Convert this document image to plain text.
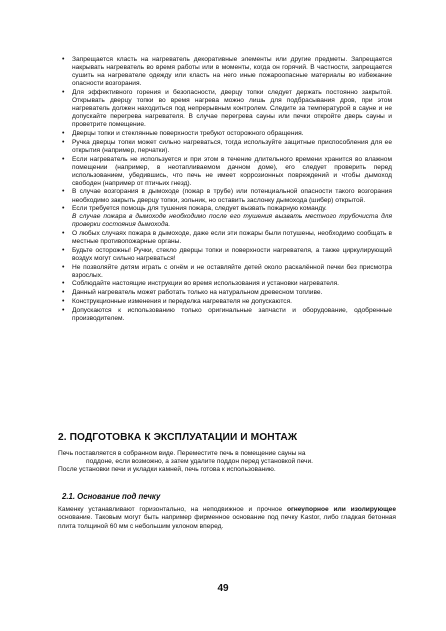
• Запрещается класть на нагреватель декоративные элементы или другие предметы. Запрещается накрывать нагреватель во время работы или в моменты, когда он горячий. В частности, запрещается сушить на нагревателе одежду или класть на него иные пожароопасные материалы во избежание опасности возгорания.
• Для эффективного горения и безопасности, дверцу топки следует держать постоянно закрытой. Открывать дверцу топки во время нагрева можно лишь для подбрасывания дров, при этом нагреватель должен находиться под непрерывным контролем. Следите за температурой в сауне и не допускайте перегрева нагревателя. В случае перегрева сауны или печки откройте дверь сауны и проветрите помещение.
• Дверцы топки и стеклянные поверхности требуют осторожного обращения.
• Ручка дверцы топки может сильно нагреваться, тогда используйте защитные приспособления для ее открытия (например, перчатки).
• Если нагреватель не используется и при этом в течение длительного времени хранится во влажном помещении (например, в неотапливаемом дачном доме), его следует проверить перед использованием, убедившись, что печь не имеет коррозионных повреждений и чтобы дымоход свободен (например от птичьих гнезд).
• В случае возгорания в дымоходе (пожар в трубе) или потенциальной опасности такого возгорания необходимо закрыть дверцу топки, зольник, но оставить заслонку дымохода (шибер) открытой.
• Если требуется помощь для тушения пожара, следует вызвать пожарную команду.
В случае пожара в дымоходе необходимо после его тушения вызвать местного трубочиста для проверки состояния дымохода.
• О любых случаях пожара в дымоходе, даже если эти пожары были потушены, необходимо сообщать в местные противопожарные органы.
• Будьте осторожны! Ручки, стекло дверцы топки и поверхности нагревателя, а также циркулирующий воздух могут сильно нагреваться!
• Не позволяйте детям играть с огнём и не оставляйте детей около раскалённой печки без присмотра взрослых.
• Соблюдайте настоящие инструкции во время использования и установки нагревателя.
• Данный нагреватель может работать только на натуральном древесном топливе.
• Конструкционные изменения и переделка нагревателя не допускаются.
• Допускаются к использованию только оригинальные запчасти и оборудование, одобренные производителем.
2. ПОДГОТОВКА К ЭКСПЛУАТАЦИИ И МОНТАЖ

Печь поставляется в собранном виде. Переместите печь в помещение сауны на

поддоне, если возможно, а затем удалите поддон перед установкой печи.

После установки печи и укладки камней, печь готова к использованию.

2.1. Основание под печку
Каменку устанавливают горизонтально, на неподвижное и прочное огнеупорное или изолирующее основание. Таковым могут быть например фирменное основание под печку Kastor, либо гладкая бетонная плита толщиной 60 мм с небольшим уклоном вперед.
49
